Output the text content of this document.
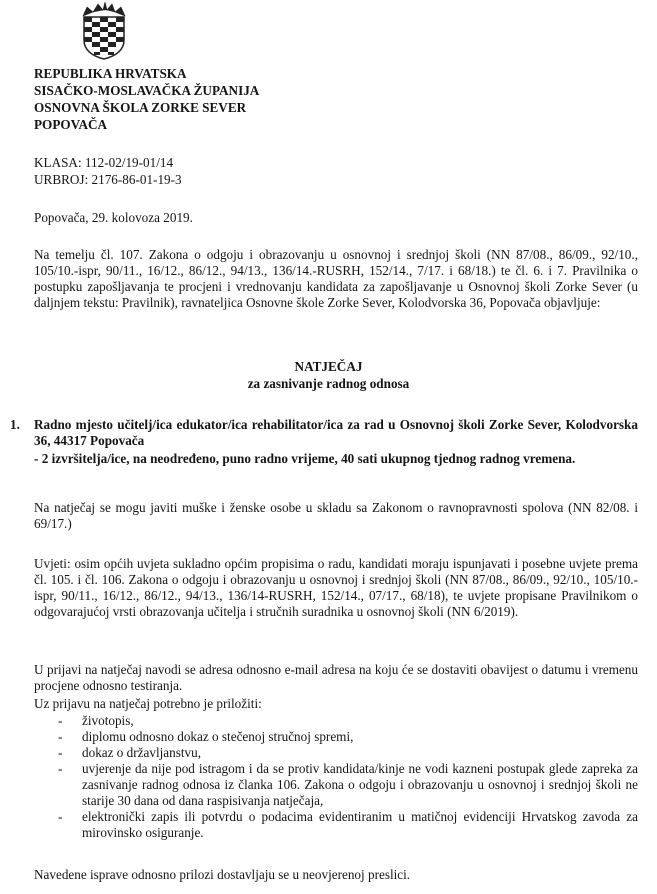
REPUBLIKA HRVATSKA
SISAČKO-MOSLAVAČKA ŽUPANIJA
OSNOVNA ŠKOLA ZORKE SEVER
POPOVAČA
KLASA: 112-02/19-01/14
URBROJ: 2176-86-01-19-3
Popovača, 29. kolovoza 2019.
Na temelju čl. 107. Zakona o odgoju i obrazovanju u osnovnoj i srednjoj školi (NN 87/08., 86/09., 92/10., 105/10.-ispr, 90/11., 16/12., 86/12., 94/13., 136/14.-RUSRH, 152/14., 7/17. i 68/18.) te čl. 6. i 7. Pravilnika o postupku zapošljavanja te procjeni i vrednovanju kandidata za zapošljavanje u Osnovnoj školi Zorke Sever (u daljnjem tekstu: Pravilnik), ravnateljica Osnovne škole Zorke Sever, Kolodvorska 36, Popovača objavljuje:
NATJEČAJ
za zasnivanje radnog odnosa
1. Radno mjesto učitelj/ica edukator/ica rehabilitator/ica za rad u Osnovnoj školi Zorke Sever, Kolodvorska 36, 44317 Popovača
- 2 izvršitelja/ice, na neodređeno, puno radno vrijeme, 40 sati ukupnog tjednog radnog vremena.
Na natječaj se mogu javiti muške i ženske osobe u skladu sa Zakonom o ravnopravnosti spolova (NN 82/08. i 69/17.)
Uvjeti: osim općih uvjeta sukladno općim propisima o radu, kandidati moraju ispunjavati i posebne uvjete prema čl. 105. i čl. 106. Zakona o odgoju i obrazovanju u osnovnoj i srednjoj školi (NN 87/08., 86/09., 92/10., 105/10.-ispr, 90/11., 16/12., 86/12., 94/13., 136/14-RUSRH, 152/14., 07/17., 68/18), te uvjete propisane Pravilnikom o odgovarajućoj vrsti obrazovanja učitelja i stručnih suradnika u osnovnoj školi (NN 6/2019).
U prijavi na natječaj navodi se adresa odnosno e-mail adresa na koju će se dostaviti obavijest o datumu i vremenu procjene odnosno testiranja.
Uz prijavu na natječaj potrebno je priložiti:
- životopis,
- diplomu odnosno dokaz o stečenoj stručnoj spremi,
- dokaz o državljanstvu,
- uvjerenje da nije pod istragom i da se protiv kandidata/kinje ne vodi kazneni postupak glede zapreka za zasnivanje radnog odnosa iz članka 106. Zakona o odgoju i obrazovanju u osnovnoj i srednjoj školi ne starije 30 dana od dana raspisivanja natječaja,
- elektronički zapis ili potvrdu o podacima evidentiranim u matičnoj evidenciji Hrvatskog zavoda za mirovinsko osiguranje.
Navedene isprave odnosno prilozi dostavljaju se u neovjerenoj preslici.
